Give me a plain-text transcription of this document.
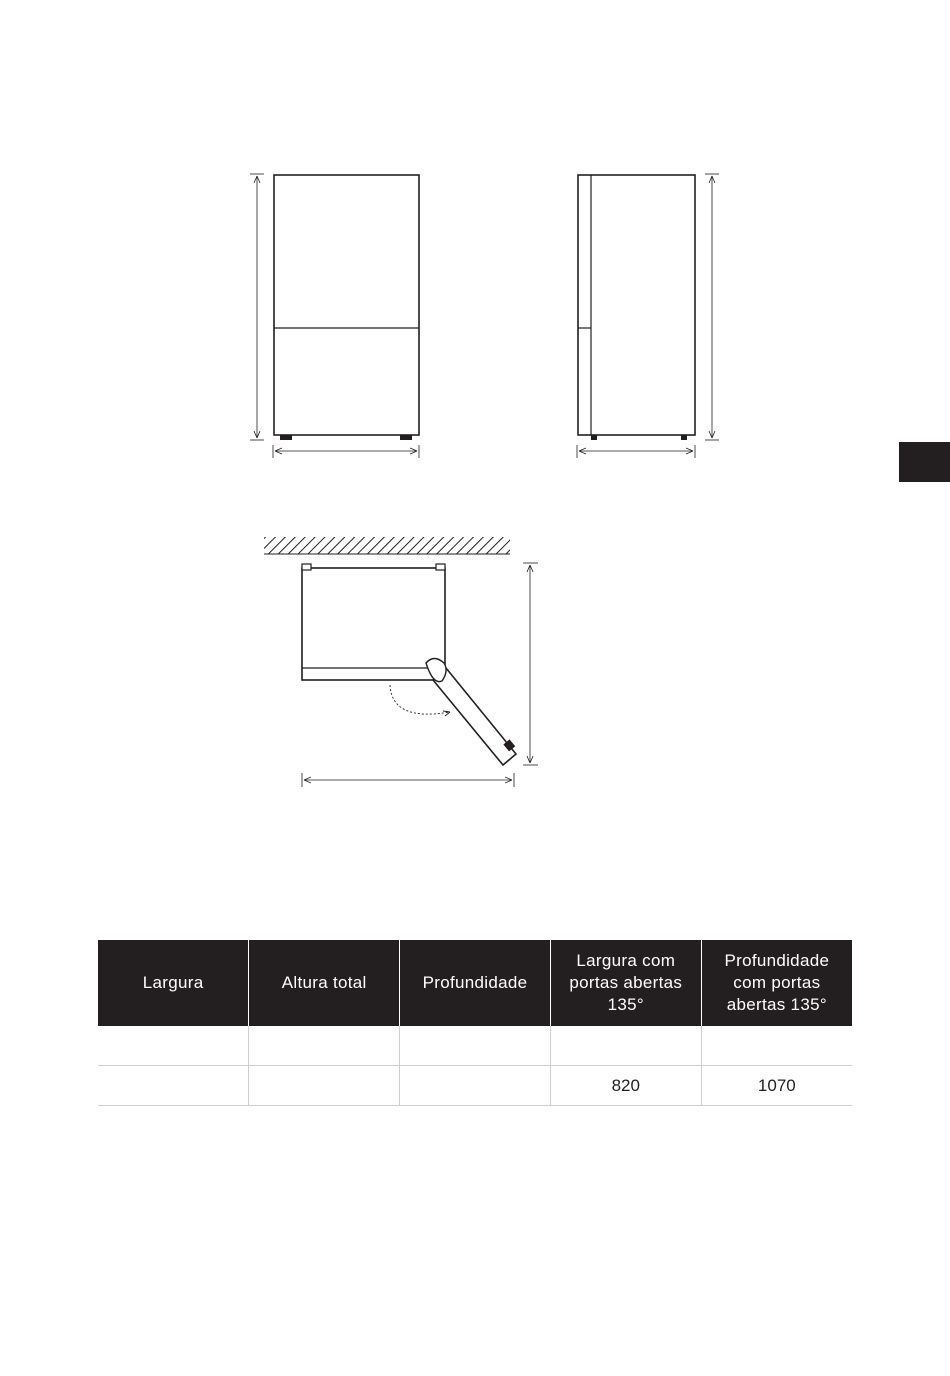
Largura	Altura total	Profundidade	Largura com portas abertas 135°	Profundidade com portas abertas 135°

			820	1070
